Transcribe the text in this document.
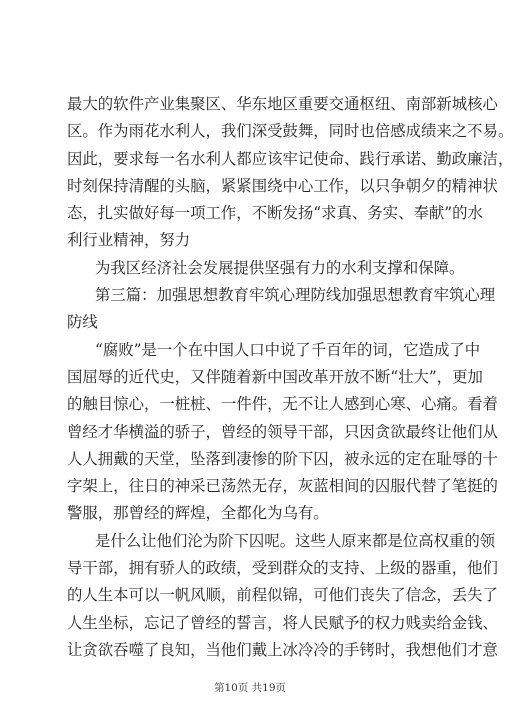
最大的软件产业集聚区、华东地区重要交通枢纽、南部新城核心
区。作为雨花水利人，我们深受鼓舞，同时也倍感成绩来之不易。
因此，要求每一名水利人都应该牢记使命、践行承诺、勤政廉洁，
时刻保持清醒的头脑，紧紧围绕中心工作，以只争朝夕的精神状
态，扎实做好每一项工作，不断发扬“求真、务实、奉献”的水
利行业精神，努力
为我区经济社会发展提供坚强有力的水利支撑和保障。
第三篇：加强思想教育牢筑心理防线加强思想教育牢筑心理
防线
“腐败”是一个在中国人口中说了千百年的词，它造成了中
国屈辱的近代史，又伴随着新中国改革开放不断“壮大”，更加
的触目惊心，一桩桩、一件件，无不让人感到心寒、心痛。看着
曾经才华横溢的骄子，曾经的领导干部，只因贪欲最终让他们从
人人拥戴的天堂，坠落到凄惨的阶下囚，被永远的定在耻辱的十
字架上，往日的神采已荡然无存，灰蓝相间的囚服代替了笔挺的
警服，那曾经的辉煌，全都化为乌有。
是什么让他们沦为阶下囚呢。这些人原来都是位高权重的领
导干部，拥有骄人的政绩，受到群众的支持、上级的器重，他们
的人生本可以一帆风顺，前程似锦，可他们丧失了信念，丢失了
人生坐标，忘记了曾经的誓言，将人民赋予的权力贱卖给金钱、
让贪欲吞噬了良知，当他们戴上冰冷冷的手铐时，我想他们才意
第10页 共19页
